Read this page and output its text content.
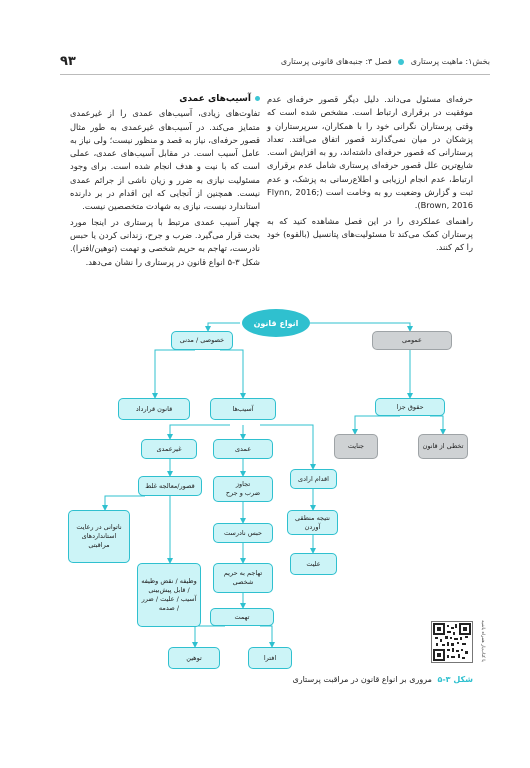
بخش۱: ماهیت پرستاری  فصل ۳: جنبه‌های قانونی پرستاری
۹۳

حرفه‌ای مسئول می‌داند. دلیل دیگر قصور حرفه‌ای عدم موفقیت در برقراری ارتباط است. مشخص شده است که وقتی پرستاران نگرانی خود را با همکاران، سرپرستاران و پزشکان در میان نمی‌گذارند قصور اتفاق می‌افتد. تعداد پرستارانی که قصور حرفه‌ای داشته‌اند، رو به افزایش است. شایع‌ترین علل قصور حرفه‌ای پرستاری شامل عدم برقراری ارتباط، عدم انجام ارزیابی و اطلاع‌رسانی به پزشک، و عدم ثبت و گزارش وضعیت رو به وخامت است (Flynn, 2016; Brown, 2016).

راهنمای عملکردی را در این فصل مشاهده کنید که به پرستاران کمک می‌کند تا مسئولیت‌های پتانسیل (بالقوه) خود را کم کنند.

آسیب‌های عمدی

تفاوت‌های زیادی، آسیب‌های عمدی را از غیرعمدی متمایز می‌کند. در آسیب‌های غیرعمدی به طور مثال قصور حرفه‌ای، نیاز به قصد و منظور نیست؛ ولی نیاز به عامل آسیب است. در مقابل آسیب‌های عمدی، عملی است که با نیت و هدف انجام شده است. برای وجود مسئولیت نیازی به ضرر و زیان ناشی از جرائم عمدی نیست. همچنین از آنجایی که این اقدام در بر دارنده استاندارد نیست، نیازی به شهادت متخصصین نیست.

چهار آسیب عمدی مرتبط با پرستاری در اینجا مورد بحث قرار می‌گیرد. ضرب و جرح، زندانی کردن یا حبس نادرست، تهاجم به حریم شخصی و تهمت (توهین/افترا). شکل ۳-۵ انواع قانون در پرستاری را نشان می‌دهد.

انواع قانون
عمومی
خصوصی / مدنی
حقوق جزا
جنایت	تخطی از قانون
قانون قرارداد	آسیب‌ها
غیرعمدی	عمدی
اقدام ارادی
قصور/معالجه غلط	تجاوز
ضرب و جرح
ناتوانی در رعایت استانداردهای مراقبتی
حبس نادرست
نتیجه منطقی آوردن
وظیفه / نقض وظیفه / قابل پیش‌بینی آسیب / علیت / ضرر / صدمه
تهاجم به حریم شخصی
علیت
تهمت
توهین	افترا	با کتاب‌یار همراه باشید
شکل ۳-۵ مروری بر انواع قانون در مراقبت پرستاری
